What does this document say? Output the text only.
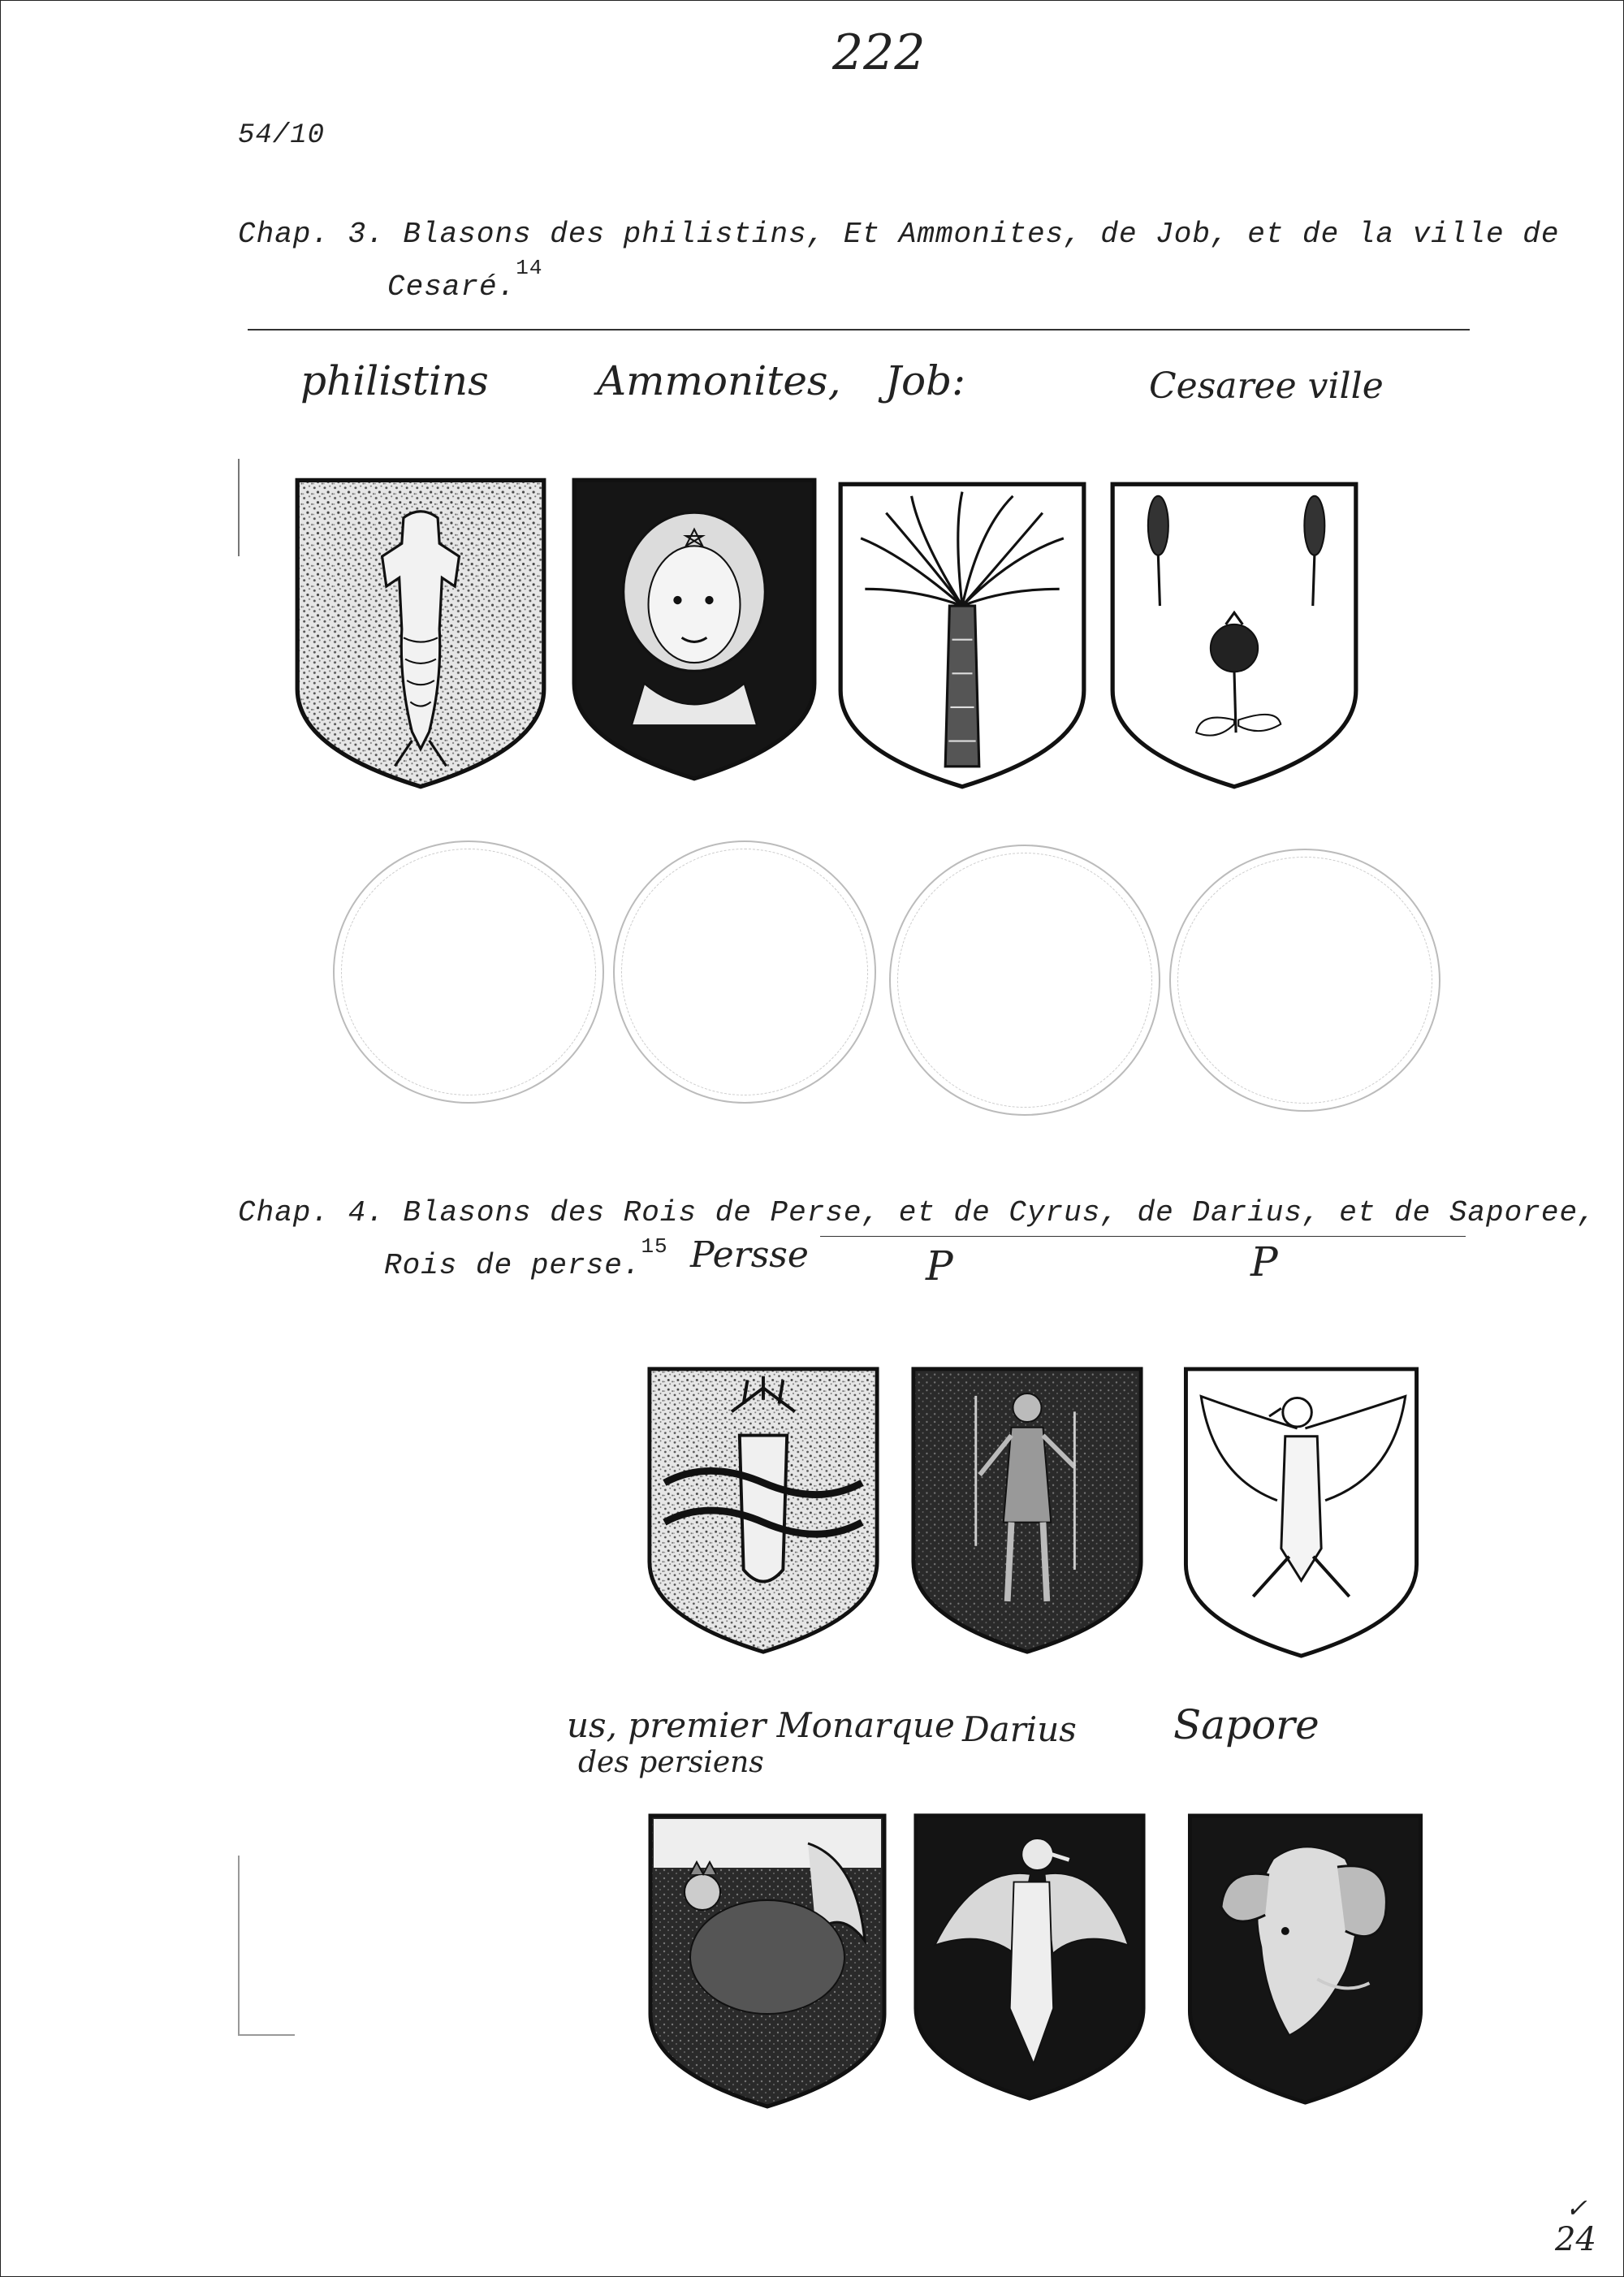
222
54/10
Chap. 3. Blasons des philistins, Et Ammonites, de Job, et de la ville de
Cesaré.$^{14}$
philistins	Ammonites, Job:	Cesaree ville
Chap. 4. Blasons des Rois de Perse, et de Cyrus, de Darius, et de Saporee,
Rois de perse.$^{15}$ Persse	P	P
us, premier Monarque
des persiens
Darius Sapore
✓
24
